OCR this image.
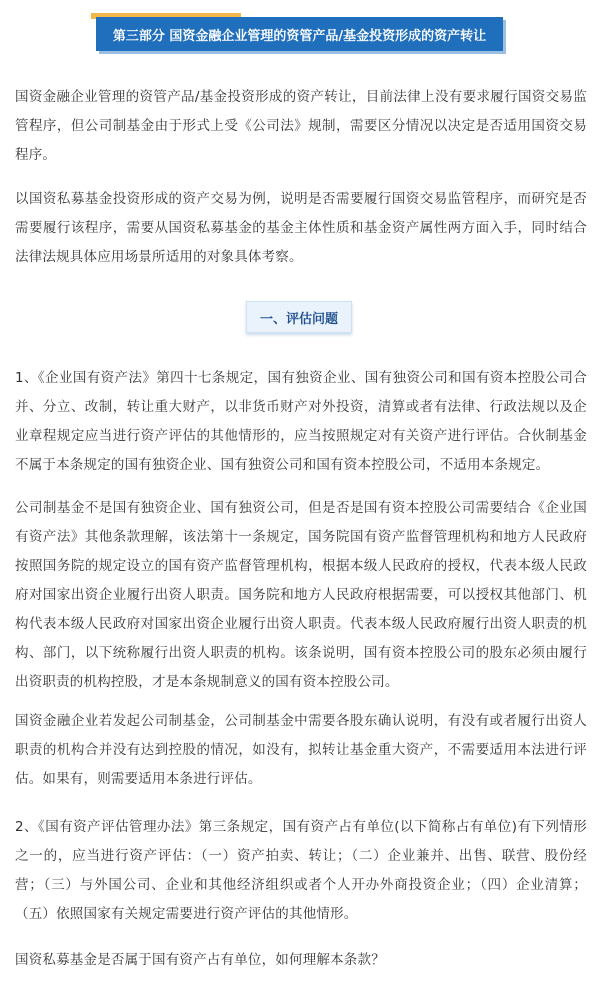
第三部分 国资金融企业管理的资管产品/基金投资形成的资产转让

国资金融企业管理的资管产品/基金投资形成的资产转让，目前法律上没有要求履行国资交易监管程序，但公司制基金由于形式上受《公司法》规制，需要区分情况以决定是否适用国资交易程序。

以国资私募基金投资形成的资产交易为例，说明是否需要履行国资交易监管程序，而研究是否需要履行该程序，需要从国资私募基金的基金主体性质和基金资产属性两方面入手，同时结合法律法规具体应用场景所适用的对象具体考察。

一、评估问题

1、《企业国有资产法》第四十七条规定，国有独资企业、国有独资公司和国有资本控股公司合并、分立、改制，转让重大财产，以非货币财产对外投资，清算或者有法律、行政法规以及企业章程规定应当进行资产评估的其他情形的，应当按照规定对有关资产进行评估。合伙制基金不属于本条规定的国有独资企业、国有独资公司和国有资本控股公司，不适用本条规定。

公司制基金不是国有独资企业、国有独资公司，但是否是国有资本控股公司需要结合《企业国有资产法》其他条款理解，该法第十一条规定，国务院国有资产监督管理机构和地方人民政府按照国务院的规定设立的国有资产监督管理机构，根据本级人民政府的授权，代表本级人民政府对国家出资企业履行出资人职责。国务院和地方人民政府根据需要，可以授权其他部门、机构代表本级人民政府对国家出资企业履行出资人职责。代表本级人民政府履行出资人职责的机构、部门，以下统称履行出资人职责的机构。该条说明，国有资本控股公司的股东必须由履行出资职责的机构控股，才是本条规制意义的国有资本控股公司。

国资金融企业若发起公司制基金，公司制基金中需要各股东确认说明，有没有或者履行出资人职责的机构合并没有达到控股的情况，如没有，拟转让基金重大资产，不需要适用本法进行评估。如果有，则需要适用本条进行评估。

2、《国有资产评估管理办法》第三条规定，国有资产占有单位(以下简称占有单位)有下列情形之一的，应当进行资产评估：（一）资产拍卖、转让；（二）企业兼并、出售、联营、股份经营；（三）与外国公司、企业和其他经济组织或者个人开办外商投资企业；（四）企业清算；（五）依照国家有关规定需要进行资产评估的其他情形。

国资私募基金是否属于国有资产占有单位，如何理解本条款？
